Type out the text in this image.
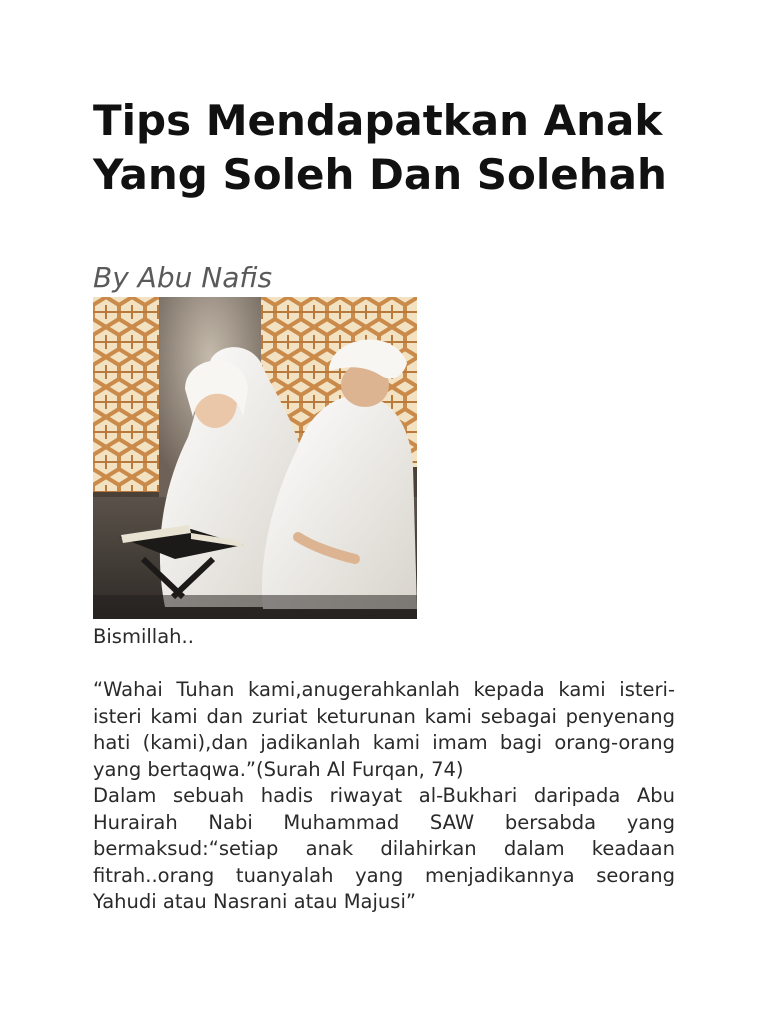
Tips Mendapatkan Anak Yang Soleh Dan Solehah

By Abu Nafis

Bismillah..

“Wahai Tuhan kami,anugerahkanlah kepada kami isteri-isteri kami dan zuriat keturunan kami sebagai penyenang hati (kami),dan jadikanlah kami imam bagi orang-orang yang bertaqwa.”(Surah Al Furqan, 74)

Dalam sebuah hadis riwayat al-Bukhari daripada Abu Hurairah Nabi Muhammad SAW bersabda yang bermaksud:“setiap anak dilahirkan dalam keadaan fitrah..orang tuanyalah yang menjadikannya seorang Yahudi atau Nasrani atau Majusi”
